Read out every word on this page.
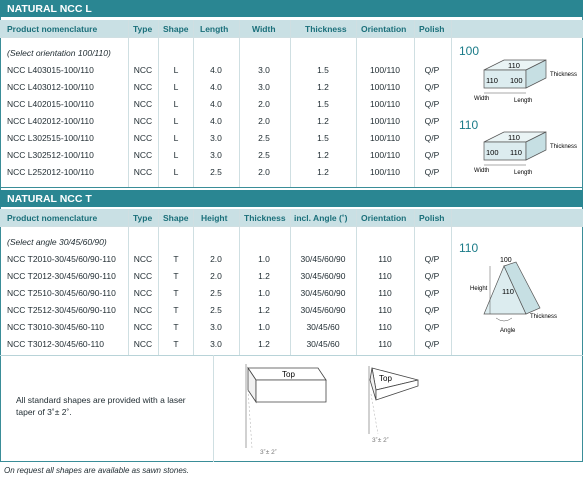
NATURAL NCC L
Product nomenclature	Type Shape Length	Width	Thickness Orientation Polish
(Select orientation 100/110)
NCC L403015-100/110	NCC	L	4.0	3.0	1.5	100/110	Q/P
NCC L403012-100/110	NCC	L	4.0	3.0	1.2	100/110	Q/P
NCC L402015-100/110	NCC	L	4.0	2.0	1.5	100/110	Q/P
NCC L402012-100/110	NCC	L	4.0	2.0	1.2	100/110	Q/P
NCC L302515-100/110	NCC	L	3.0	2.5	1.5	100/110	Q/P
NCC L302512-100/110	NCC	L	3.0	2.5	1.2	100/110	Q/P
NCC L252012-100/110	NCC	L	2.5	2.0	1.2	100/110	Q/P
100
110
100
110
Thickness
Width	Length
110
110
110
100
Thickness
Width	Length
NATURAL NCC T
Product nomenclature	Type Shape Height Thickness incl. Angle (˚) Orientation Polish
(Select angle 30/45/60/90)
NCC T2010-30/45/60/90-110	NCC	T	2.0	1.0	30/45/60/90	110	Q/P
NCC T2012-30/45/60/90-110	NCC	T	2.0	1.2	30/45/60/90	110	Q/P
NCC T2510-30/45/60/90-110	NCC	T	2.5	1.0	30/45/60/90	110	Q/P
NCC T2512-30/45/60/90-110	NCC	T	2.5	1.2	30/45/60/90	110	Q/P
NCC T3010-30/45/60-110	NCC	T	3.0	1.0	30/45/60	110	Q/P
NCC T3012-30/45/60-110	NCC	T	3.0	1.2	30/45/60	110	Q/P
110
100
110
Height
Thickness
Angle
All standard shapes are provided with a laser taper of 3˚± 2˚.
Top
3˚± 2˚
Top
3˚± 2˚
On request all shapes are available as sawn stones.
